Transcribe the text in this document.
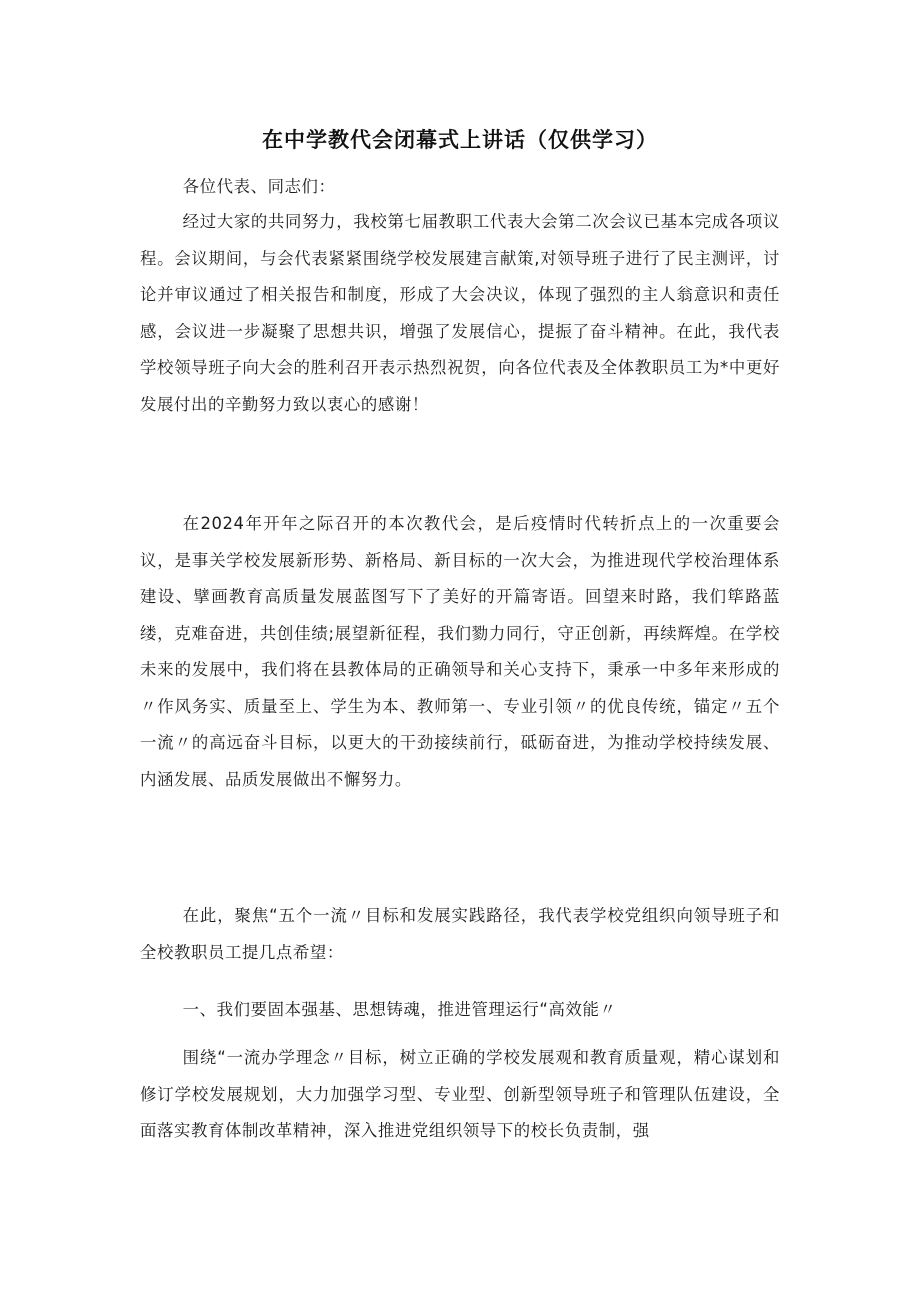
在中学教代会闭幕式上讲话（仅供学习）

各位代表、同志们：

经过大家的共同努力，我校第七届教职工代表大会第二次会议已基本完成各项议程。会议期间，与会代表紧紧围绕学校发展建言献策,对领导班子进行了民主测评，讨论并审议通过了相关报告和制度，形成了大会决议，体现了强烈的主人翁意识和责任感，会议进一步凝聚了思想共识，增强了发展信心，提振了奋斗精神。在此，我代表学校领导班子向大会的胜利召开表示热烈祝贺，向各位代表及全体教职员工为*中更好发展付出的辛勤努力致以衷心的感谢！

在2024年开年之际召开的本次教代会，是后疫情时代转折点上的一次重要会议，是事关学校发展新形势、新格局、新目标的一次大会，为推进现代学校治理体系建设、擘画教育高质量发展蓝图写下了美好的开篇寄语。回望来时路，我们筚路蓝缕，克难奋进，共创佳绩;展望新征程，我们勠力同行，守正创新，再续辉煌。在学校未来的发展中，我们将在县教体局的正确领导和关心支持下，秉承一中多年来形成的〃作风务实、质量至上、学生为本、教师第一、专业引领〃的优良传统，锚定〃五个一流〃的高远奋斗目标，以更大的干劲接续前行，砥砺奋进，为推动学校持续发展、内涵发展、品质发展做出不懈努力。

在此，聚焦“五个一流〃目标和发展实践路径，我代表学校党组织向领导班子和全校教职员工提几点希望：

一、我们要固本强基、思想铸魂，推进管理运行“高效能〃

围绕“一流办学理念〃目标，树立正确的学校发展观和教育质量观，精心谋划和修订学校发展规划，大力加强学习型、专业型、创新型领导班子和管理队伍建设，全面落实教育体制改革精神，深入推进党组织领导下的校长负责制，强
